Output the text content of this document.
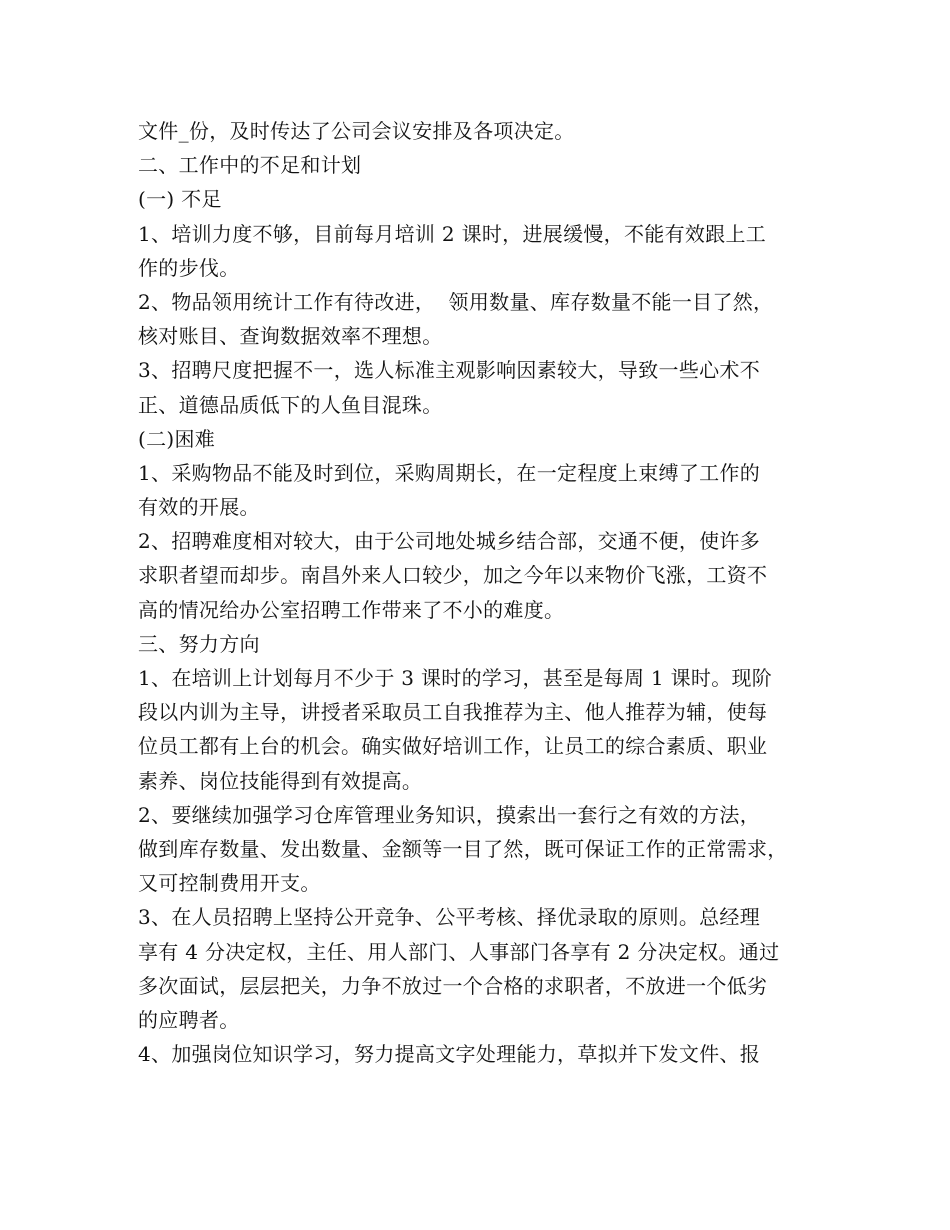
文件_份，及时传达了公司会议安排及各项决定。
二、工作中的不足和计划
(一) 不足
1、培训力度不够，目前每月培训 2 课时，进展缓慢，不能有效跟上工
作的步伐。
2、物品领用统计工作有待改进，  领用数量、库存数量不能一目了然，
核对账目、查询数据效率不理想。
3、招聘尺度把握不一，选人标准主观影响因素较大，导致一些心术不
正、道德品质低下的人鱼目混珠。
(二)困难
1、采购物品不能及时到位，采购周期长，在一定程度上束缚了工作的
有效的开展。
2、招聘难度相对较大，由于公司地处城乡结合部，交通不便，使许多
求职者望而却步。南昌外来人口较少，加之今年以来物价飞涨，工资不
高的情况给办公室招聘工作带来了不小的难度。
三、努力方向
1、在培训上计划每月不少于 3 课时的学习，甚至是每周 1 课时。现阶
段以内训为主导，讲授者采取员工自我推荐为主、他人推荐为辅，使每
位员工都有上台的机会。确实做好培训工作，让员工的综合素质、职业
素养、岗位技能得到有效提高。
2、要继续加强学习仓库管理业务知识，摸索出一套行之有效的方法，
做到库存数量、发出数量、金额等一目了然，既可保证工作的正常需求，
又可控制费用开支。
3、在人员招聘上坚持公开竞争、公平考核、择优录取的原则。总经理
享有 4 分决定权，主任、用人部门、人事部门各享有 2 分决定权。通过
多次面试，层层把关，力争不放过一个合格的求职者，不放进一个低劣
的应聘者。
4、加强岗位知识学习，努力提高文字处理能力，草拟并下发文件、报
